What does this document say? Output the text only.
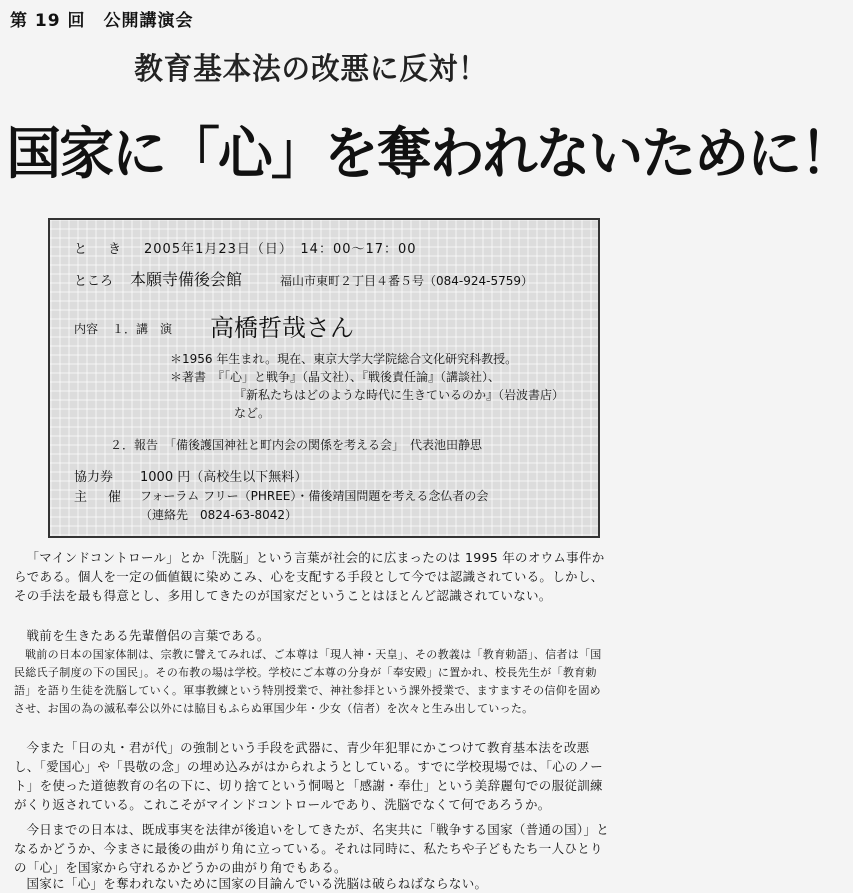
第 19 回　公開講演会
教育基本法の改悪に反対！
国家に「心」を奪われないために！
と　き 2005年1月23日（日）　14：00～17：00
ところ 本願寺備後会館	福山市東町２丁目４番５号（084-924-5759）
内容 １．講　演 高橋哲哉さん
＊1956 年生まれ。現在、東京大学大学院総合文化研究科教授。
＊著書　『「心」と戦争』（晶文社）、『戦後責任論』（講談社）、
『新私たちはどのような時代に生きているのか』（岩波書店）
など。
２．報告　「備後護国神社と町内会の関係を考える会」　代表池田静思
協力券 1000 円（高校生以下無料）
主　催 フォーラム フリー（PHREE）・備後靖国問題を考える念仏者の会
（連絡先　0824-63-8042）
「マインドコントロール」とか「洗脳」という言葉が社会的に広まったのは 1995 年のオウム事件からである。個人を一定の価値観に染めこみ、心を支配する手段として今では認識されている。しかし、その手法を最も得意とし、多用してきたのが国家だということはほとんど認識されていない。
戦前を生きたある先輩僧侶の言葉である。
戦前の日本の国家体制は、宗教に譬えてみれば、ご本尊は「現人神・天皇」、その教義は「教育勅語」、信者は「国民総氏子制度の下の国民」。その布教の場は学校。学校にご本尊の分身が「奉安殿」に置かれ、校長先生が「教育勅語」を語り生徒を洗脳していく。軍事教練という特別授業で、神社参拝という課外授業で、ますますその信仰を固めさせ、お国の為の滅私奉公以外には脇目もふらぬ軍国少年・少女（信者）を次々と生み出していった。
今また「日の丸・君が代」の強制という手段を武器に、青少年犯罪にかこつけて教育基本法を改悪し、「愛国心」や「畏敬の念」の埋め込みがはかられようとしている。すでに学校現場では、「心のノート」を使った道徳教育の名の下に、切り捨てという恫喝と「感謝・奉仕」という美辞麗句での服従訓練がくり返されている。これこそがマインドコントロールであり、洗脳でなくて何であろうか。
今日までの日本は、既成事実を法律が後追いをしてきたが、名実共に「戦争する国家（普通の国）」となるかどうか、今まさに最後の曲がり角に立っている。それは同時に、私たちや子どもたち一人ひとりの「心」を国家から守れるかどうかの曲がり角でもある。
国家に「心」を奪われないために国家の目論んでいる洗脳は破らねばならない。
